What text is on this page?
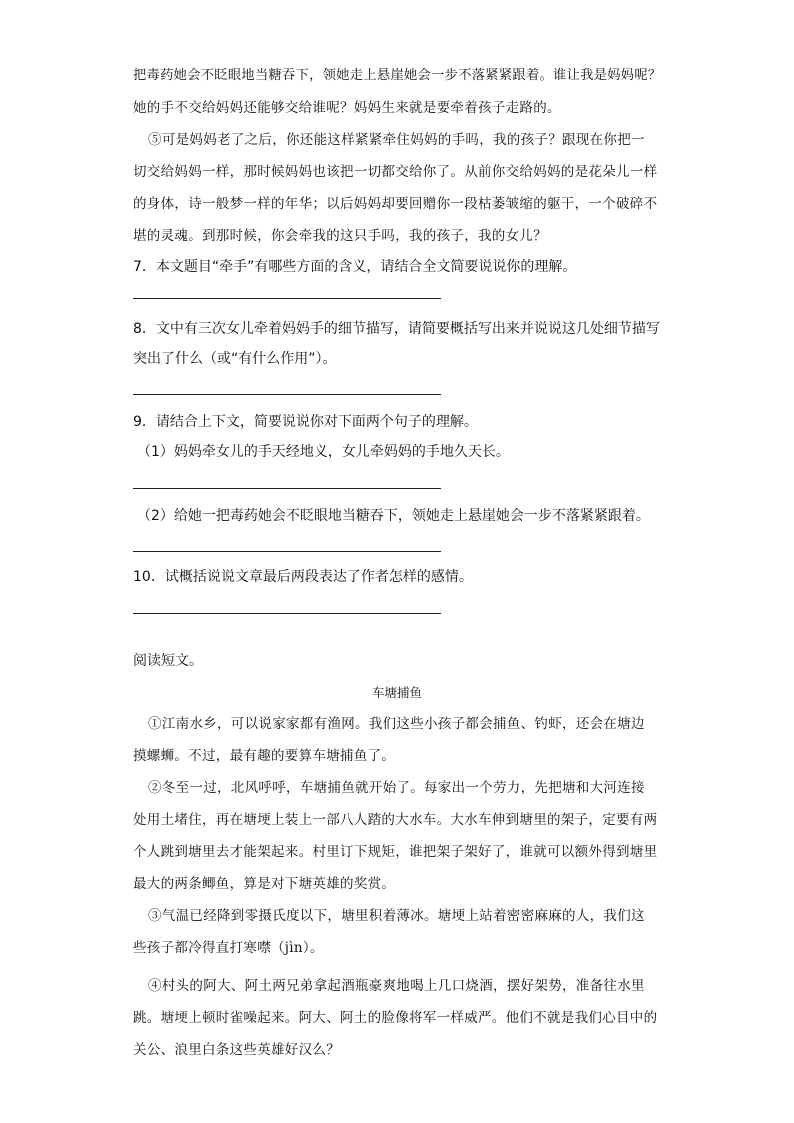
把毒药她会不眨眼地当糖吞下，领她走上悬崖她会一步不落紧紧跟着。谁让我是妈妈呢？
她的手不交给妈妈还能够交给谁呢？妈妈生来就是要牵着孩子走路的。
⑤可是妈妈老了之后，你还能这样紧紧牵住妈妈的手吗，我的孩子？跟现在你把一
切交给妈妈一样，那时候妈妈也该把一切都交给你了。从前你交给妈妈的是花朵儿一样
的身体，诗一般梦一样的年华；以后妈妈却要回赠你一段枯萎皱缩的躯干，一个破碎不
堪的灵魂。到那时候，你会牵我的这只手吗，我的孩子，我的女儿？
7．本文题目“牵手”有哪些方面的含义，请结合全文简要说说你的理解。
8．文中有三次女儿牵着妈妈手的细节描写，请简要概括写出来并说说这几处细节描写
突出了什么（或“有什么作用”）。
9．请结合上下文，简要说说你对下面两个句子的理解。
（1）妈妈牵女儿的手天经地义，女儿牵妈妈的手地久天长。
（2）给她一把毒药她会不眨眼地当糖吞下，领她走上悬崖她会一步不落紧紧跟着。
10．试概括说说文章最后两段表达了作者怎样的感情。
阅读短文。
车塘捕鱼
①江南水乡，可以说家家都有渔网。我们这些小孩子都会捕鱼、钓虾，还会在塘边
摸螺蛳。不过，最有趣的要算车塘捕鱼了。
②冬至一过，北风呼呼，车塘捕鱼就开始了。每家出一个劳力，先把塘和大河连接
处用土堵住，再在塘埂上装上一部八人踏的大水车。大水车伸到塘里的架子，定要有两
个人跳到塘里去才能架起来。村里订下规矩，谁把架子架好了，谁就可以额外得到塘里
最大的两条鲫鱼，算是对下塘英雄的奖赏。
③气温已经降到零摄氏度以下，塘里积着薄冰。塘埂上站着密密麻麻的人，我们这
些孩子都冷得直打寒噤（jìn）。
④村头的阿大、阿土两兄弟拿起酒瓶豪爽地喝上几口烧酒，摆好架势，准备往水里
跳。塘埂上顿时雀噪起来。阿大、阿土的脸像将军一样威严。他们不就是我们心目中的
关公、浪里白条这些英雄好汉么？
